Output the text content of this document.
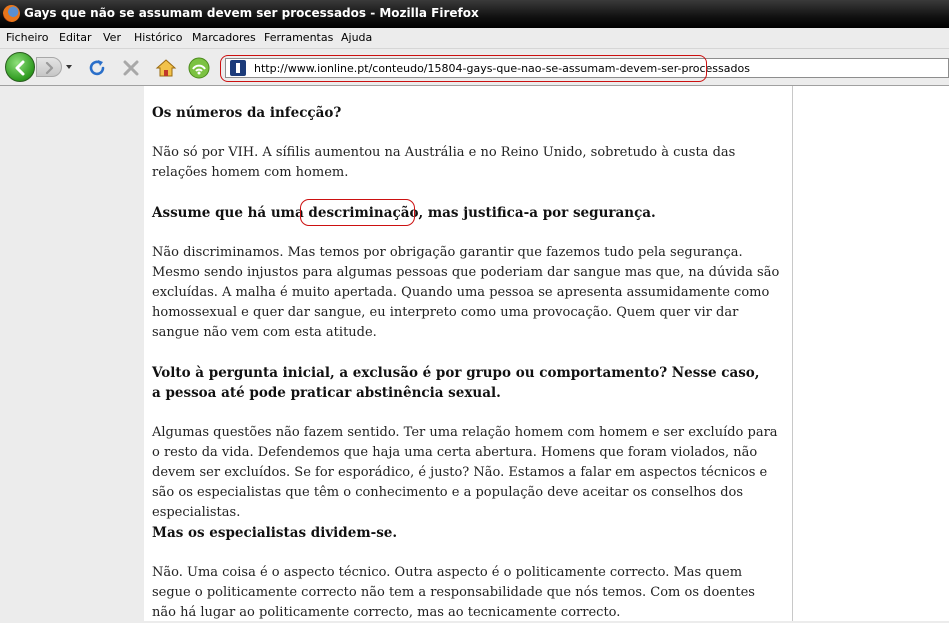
Gays que não se assumam devem ser processados - Mozilla Firefox
Ficheiro Editar Ver Histórico Marcadores Ferramentas Ajuda
http://www.ionline.pt/conteudo/15804-gays-que-nao-se-assumam-devem-ser-processados

Os números da infecção?

Não só por VIH. A sífilis aumentou na Austrália e no Reino Unido, sobretudo à custa das relações homem com homem.

Assume que há uma descriminação, mas justifica-a por segurança.

Não discriminamos. Mas temos por obrigação garantir que fazemos tudo pela segurança. Mesmo sendo injustos para algumas pessoas que poderiam dar sangue mas que, na dúvida são excluídas. A malha é muito apertada. Quando uma pessoa se apresenta assumidamente como homossexual e quer dar sangue, eu interpreto como uma provocação. Quem quer vir dar sangue não vem com esta atitude.

Volto à pergunta inicial, a exclusão é por grupo ou comportamento? Nesse caso, a pessoa até pode praticar abstinência sexual.

Algumas questões não fazem sentido. Ter uma relação homem com homem e ser excluído para o resto da vida. Defendemos que haja uma certa abertura. Homens que foram violados, não devem ser excluídos. Se for esporádico, é justo? Não. Estamos a falar em aspectos técnicos e são os especialistas que têm o conhecimento e a população deve aceitar os conselhos dos especialistas.

Mas os especialistas dividem-se.

Não. Uma coisa é o aspecto técnico. Outra aspecto é o politicamente correcto. Mas quem segue o politicamente correcto não tem a responsabilidade que nós temos. Com os doentes não há lugar ao politicamente correcto, mas ao tecnicamente correcto.
